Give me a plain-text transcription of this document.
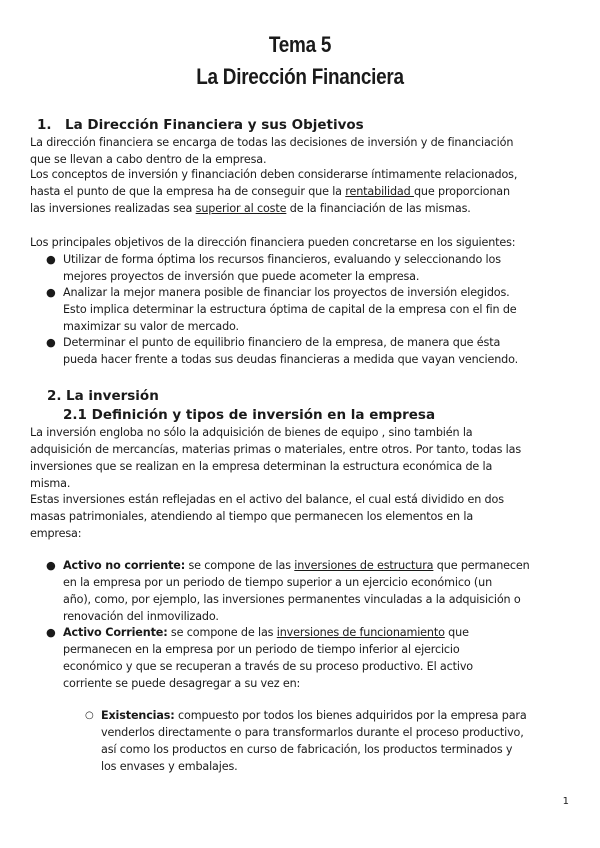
Tema 5
La Dirección Financiera
1. La Dirección Financiera y sus Objetivos
La dirección financiera se encarga de todas las decisiones de inversión y de financiación
que se llevan a cabo dentro de la empresa.
Los conceptos de inversión y financiación deben considerarse íntimamente relacionados,
hasta el punto de que la empresa ha de conseguir que la rentabilidad que proporcionan
las inversiones realizadas sea superior al coste de la financiación de las mismas.
Los principales objetivos de la dirección financiera pueden concretarse en los siguientes:
● Utilizar de forma óptima los recursos financieros, evaluando y seleccionando los
mejores proyectos de inversión que puede acometer la empresa.
● Analizar la mejor manera posible de financiar los proyectos de inversión elegidos.
Esto implica determinar la estructura óptima de capital de la empresa con el fin de
maximizar su valor de mercado.
● Determinar el punto de equilibrio financiero de la empresa, de manera que ésta
pueda hacer frente a todas sus deudas financieras a medida que vayan venciendo.
2. La inversión
2.1 Definición y tipos de inversión en la empresa
La inversión engloba no sólo la adquisición de bienes de equipo , sino también la
adquisición de mercancías, materias primas o materiales, entre otros. Por tanto, todas las
inversiones que se realizan en la empresa determinan la estructura económica de la
misma.
Estas inversiones están reflejadas en el activo del balance, el cual está dividido en dos
masas patrimoniales, atendiendo al tiempo que permanecen los elementos en la
empresa:
● Activo no corriente: se compone de las inversiones de estructura que permanecen
en la empresa por un periodo de tiempo superior a un ejercicio económico (un
año), como, por ejemplo, las inversiones permanentes vinculadas a la adquisición o
renovación del inmovilizado.
● Activo Corriente: se compone de las inversiones de funcionamiento que
permanecen en la empresa por un periodo de tiempo inferior al ejercicio
económico y que se recuperan a través de su proceso productivo. El activo
corriente se puede desagregar a su vez en:
○ Existencias: compuesto por todos los bienes adquiridos por la empresa para
venderlos directamente o para transformarlos durante el proceso productivo,
así como los productos en curso de fabricación, los productos terminados y
los envases y embalajes.
1
